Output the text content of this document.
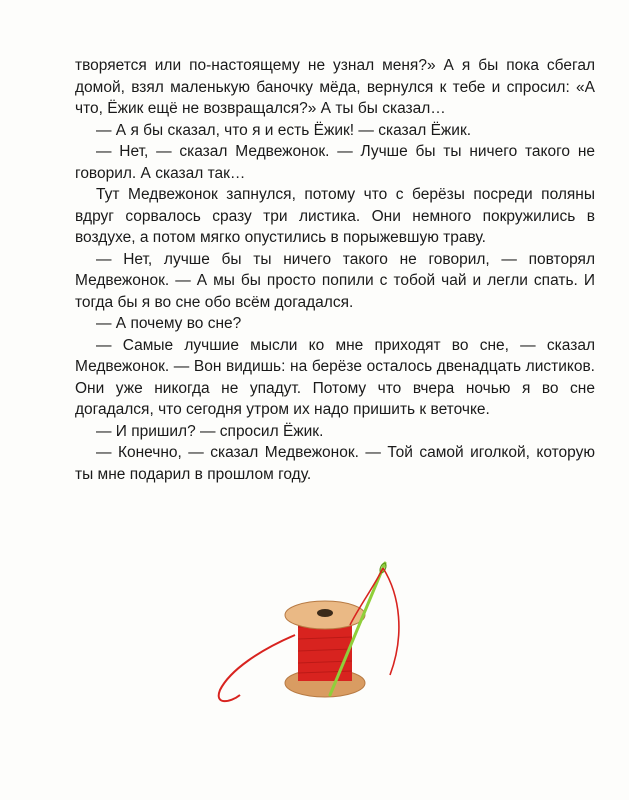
творяется или по-настоящему не узнал меня?» А я бы пока сбегал домой, взял маленькую баночку мёда, вернулся к тебе и спросил: «А что, Ёжик ещё не возвращался?» А ты бы сказал…

— А я бы сказал, что я и есть Ёжик! — сказал Ёжик.

— Нет, — сказал Медвежонок. — Лучше бы ты ничего такого не говорил. А сказал так…

Тут Медвежонок запнулся, потому что с берёзы посреди поляны вдруг сорвалось сразу три листика. Они немного покружились в воздухе, а потом мягко опустились в порыжевшую траву.

— Нет, лучше бы ты ничего такого не говорил, — повторял Медвежонок. — А мы бы просто попили с тобой чай и легли спать. И тогда бы я во сне обо всём догадался.

— А почему во сне?

— Самые лучшие мысли ко мне приходят во сне, — сказал Медвежонок. — Вон видишь: на берёзе осталось двенадцать листиков. Они уже никогда не упадут. Потому что вчера ночью я во сне догадался, что сегодня утром их надо пришить к веточке.

— И пришил? — спросил Ёжик.

— Конечно, — сказал Медвежонок. — Той самой иголкой, которую ты мне подарил в прошлом году.
